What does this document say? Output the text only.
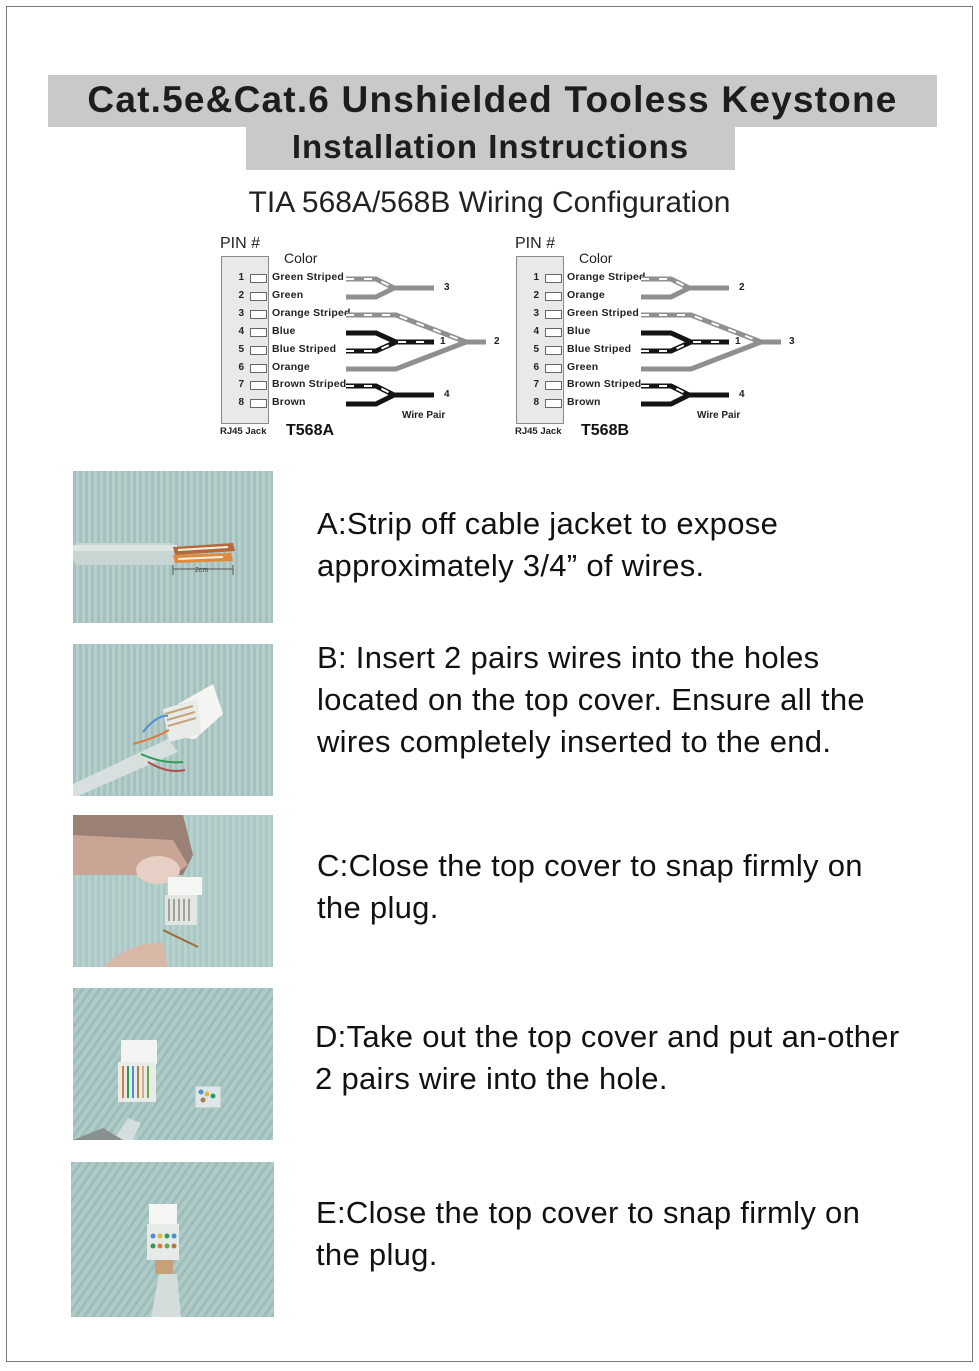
Cat.5e&Cat.6 Unshielded Tooless Keystone
Installation Instructions
TIA 568A/568B Wiring Configuration
PIN #
Color
1	Green Striped
2	Green
3	Orange Striped
4	Blue
5	Blue Striped
6	Orange
7	Brown Striped
8	Brown
RJ45 Jack T568A
Wire Pair
3
2
1
4
PIN #
Color
1	Orange Striped
2	Orange
3	Green Striped
4	Blue
5	Blue Striped
6	Green
7	Brown Striped
8	Brown
RJ45 Jack T568B
Wire Pair
2
3
1
4
2cm
A:Strip off cable jacket to expose approximately 3/4” of wires.
B: Insert 2 pairs wires into the holes located on the top cover. Ensure all the wires completely inserted to the end.
C:Close the top cover to snap firmly on the plug.
D:Take out the top cover and put an-other 2 pairs wire into the hole.
E:Close the top cover to snap firmly on the plug.
